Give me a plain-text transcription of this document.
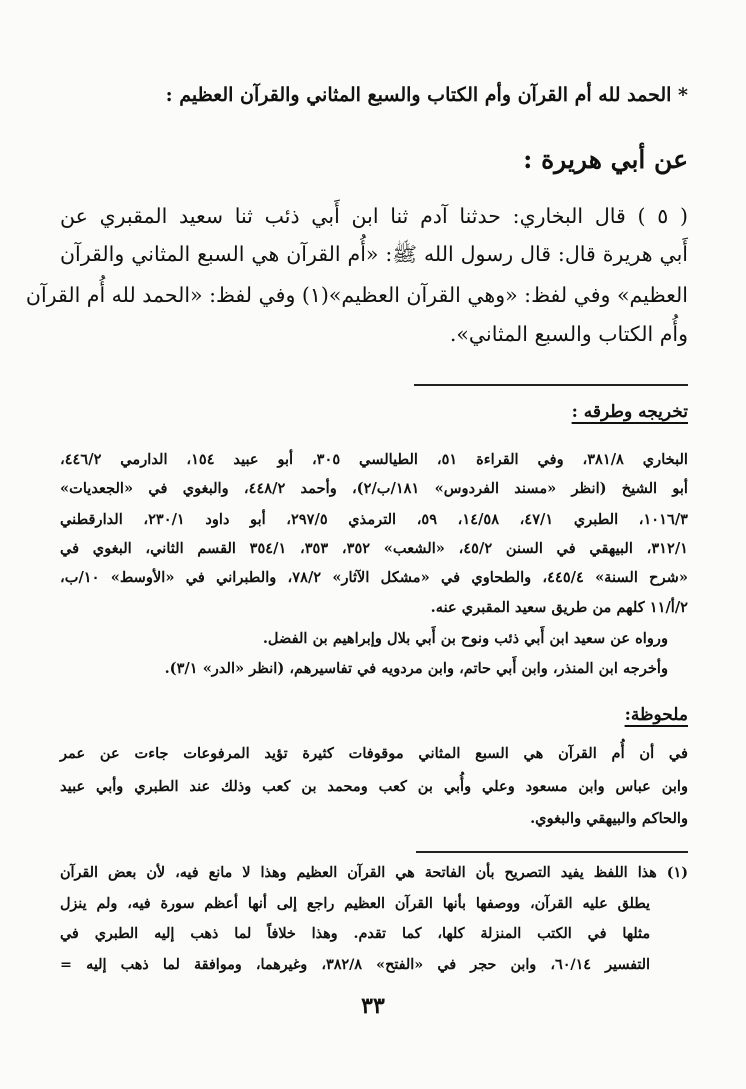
* الحمد لله أم القرآن وأم الكتاب والسبع المثاني والقرآن العظيم :
عن أبي هريرة :
( ٥ ) قال البخاري: حدثنا آدم ثنا ابن أَبي ذئب ثنا سعيد المقبري عن
أَبي هريرة قال: قال رسول الله ﷺ: «أُم القرآن هي السبع المثاني والقرآن
العظيم» وفي لفظ: «وهي القرآن العظيم»(١) وفي لفظ: «الحمد لله أُم القرآن
وأُم الكتاب والسبع المثاني».
تخريجه وطرقه :
البخاري ٣٨١/٨، وفي القراءة ٥١، الطيالسي ٣٠٥، أبو عبيد ١٥٤، الدارمي ٤٤٦/٢،
أبو الشيخ (انظر «مسند الفردوس» ١٨١/ب/٢)، وأحمد ٤٤٨/٢، والبغوي في «الجعديات»
١٠١٦/٣، الطبري ٤٧/١، ١٤/٥٨، ٥٩، الترمذي ٢٩٧/٥، أبو داود ٢٣٠/١، الدارقطني
٣١٢/١، البيهقي في السنن ٤٥/٢، «الشعب» ٣٥٢، ٣٥٣، ٣٥٤/١ القسم الثاني، البغوي في
«شرح السنة» ٤٤٥/٤، والطحاوي في «مشكل الآثار» ٧٨/٢، والطبراني في «الأوسط» ١٠/ب،
٢/أ/١١ كلهم من طريق سعيد المقبري عنه.
ورواه عن سعيد ابن أَبي ذئب ونوح بن أَبي بلال وإبراهيم بن الفضل.
وأخرجه ابن المنذر، وابن أَبي حاتم، وابن مردويه في تفاسيرهم، (انظر «الدر» ٣/١).
ملحوظة:
في أن أُم القرآن هي السبع المثاني موقوفات كثيرة تؤيد المرفوعات جاءت عن عمر
وابن عباس وابن مسعود وعلي وأُبي بن كعب ومحمد بن كعب وذلك عند الطبري وأبي عبيد
والحاكم والبيهقي والبغوي.
(١) هذا اللفظ يفيد التصريح بأن الفاتحة هي القرآن العظيم وهذا لا مانع فيه، لأن بعض القرآن
يطلق عليه القرآن، ووصفها بأنها القرآن العظيم راجع إلى أنها أعظم سورة فيه، ولم ينزل
مثلها في الكتب المنزلة كلها، كما تقدم. وهذا خلافاً لما ذهب إليه الطبري في
التفسير ٦٠/١٤، وابن حجر في «الفتح» ٣٨٢/٨، وغيرهما، وموافقة لما ذهب إليه =
٣٣
